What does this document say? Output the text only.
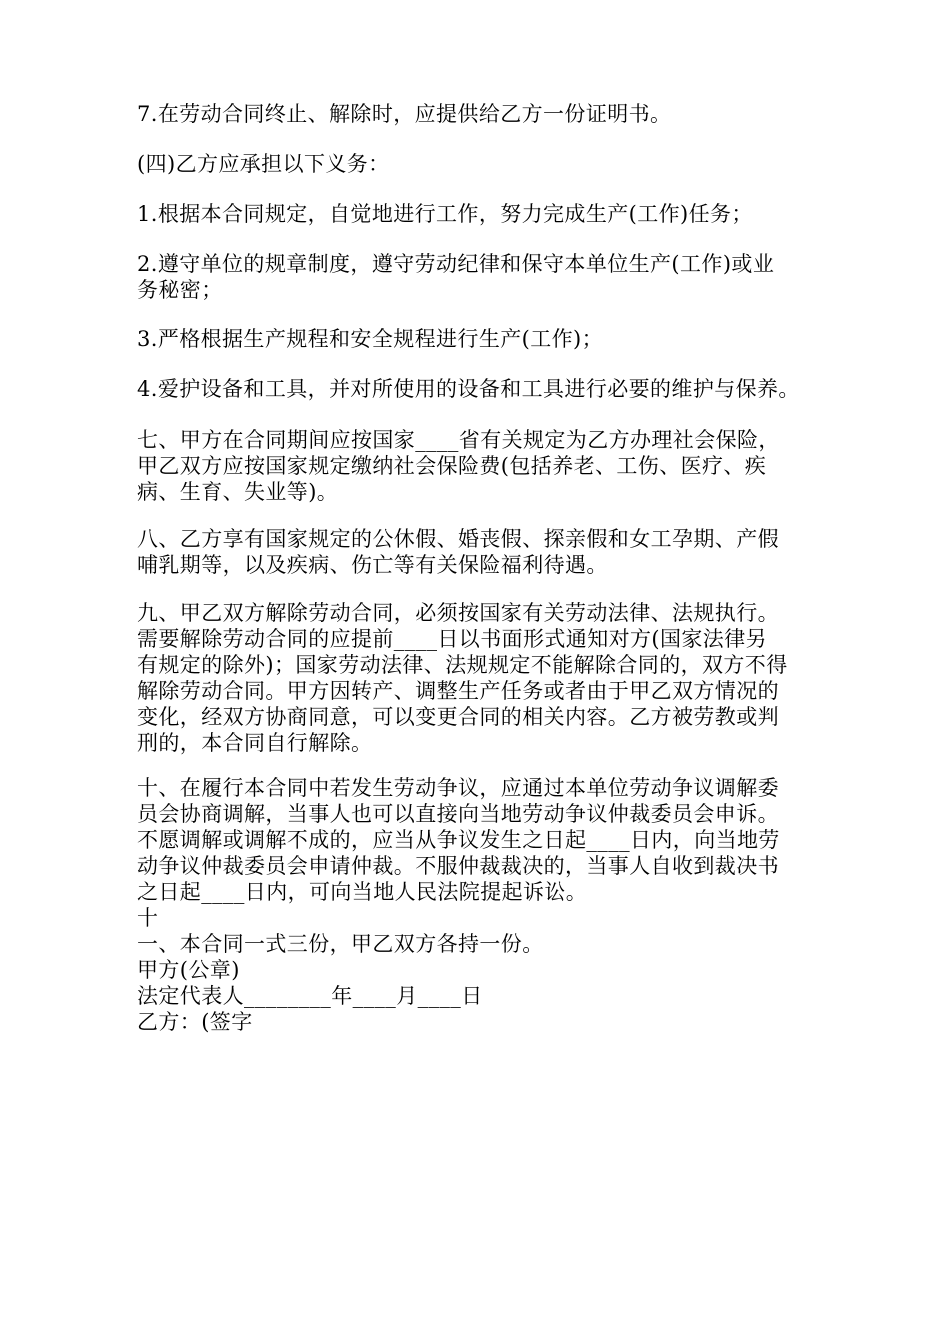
7.在劳动合同终止、解除时，应提供给乙方一份证明书。

(四)乙方应承担以下义务：

1.根据本合同规定，自觉地进行工作，努力完成生产(工作)任务；

2.遵守单位的规章制度，遵守劳动纪律和保守本单位生产(工作)或业
务秘密；

3.严格根据生产规程和安全规程进行生产(工作)；

4.爱护设备和工具，并对所使用的设备和工具进行必要的维护与保养。

七、甲方在合同期间应按国家____省有关规定为乙方办理社会保险，
甲乙双方应按国家规定缴纳社会保险费(包括养老、工伤、医疗、疾
病、生育、失业等)。

八、乙方享有国家规定的公休假、婚丧假、探亲假和女工孕期、产假
哺乳期等，以及疾病、伤亡等有关保险福利待遇。

九、甲乙双方解除劳动合同，必须按国家有关劳动法律、法规执行。
需要解除劳动合同的应提前____日以书面形式通知对方(国家法律另
有规定的除外)；国家劳动法律、法规规定不能解除合同的，双方不得
解除劳动合同。甲方因转产、调整生产任务或者由于甲乙双方情况的
变化，经双方协商同意，可以变更合同的相关内容。乙方被劳教或判
刑的，本合同自行解除。

十、在履行本合同中若发生劳动争议，应通过本单位劳动争议调解委
员会协商调解，当事人也可以直接向当地劳动争议仲裁委员会申诉。
不愿调解或调解不成的，应当从争议发生之日起____日内，向当地劳
动争议仲裁委员会申请仲裁。不服仲裁裁决的，当事人自收到裁决书
之日起____日内，可向当地人民法院提起诉讼。
十
一、本合同一式三份，甲乙双方各持一份。
甲方(公章)
法定代表人________年____月____日
乙方：(签字
